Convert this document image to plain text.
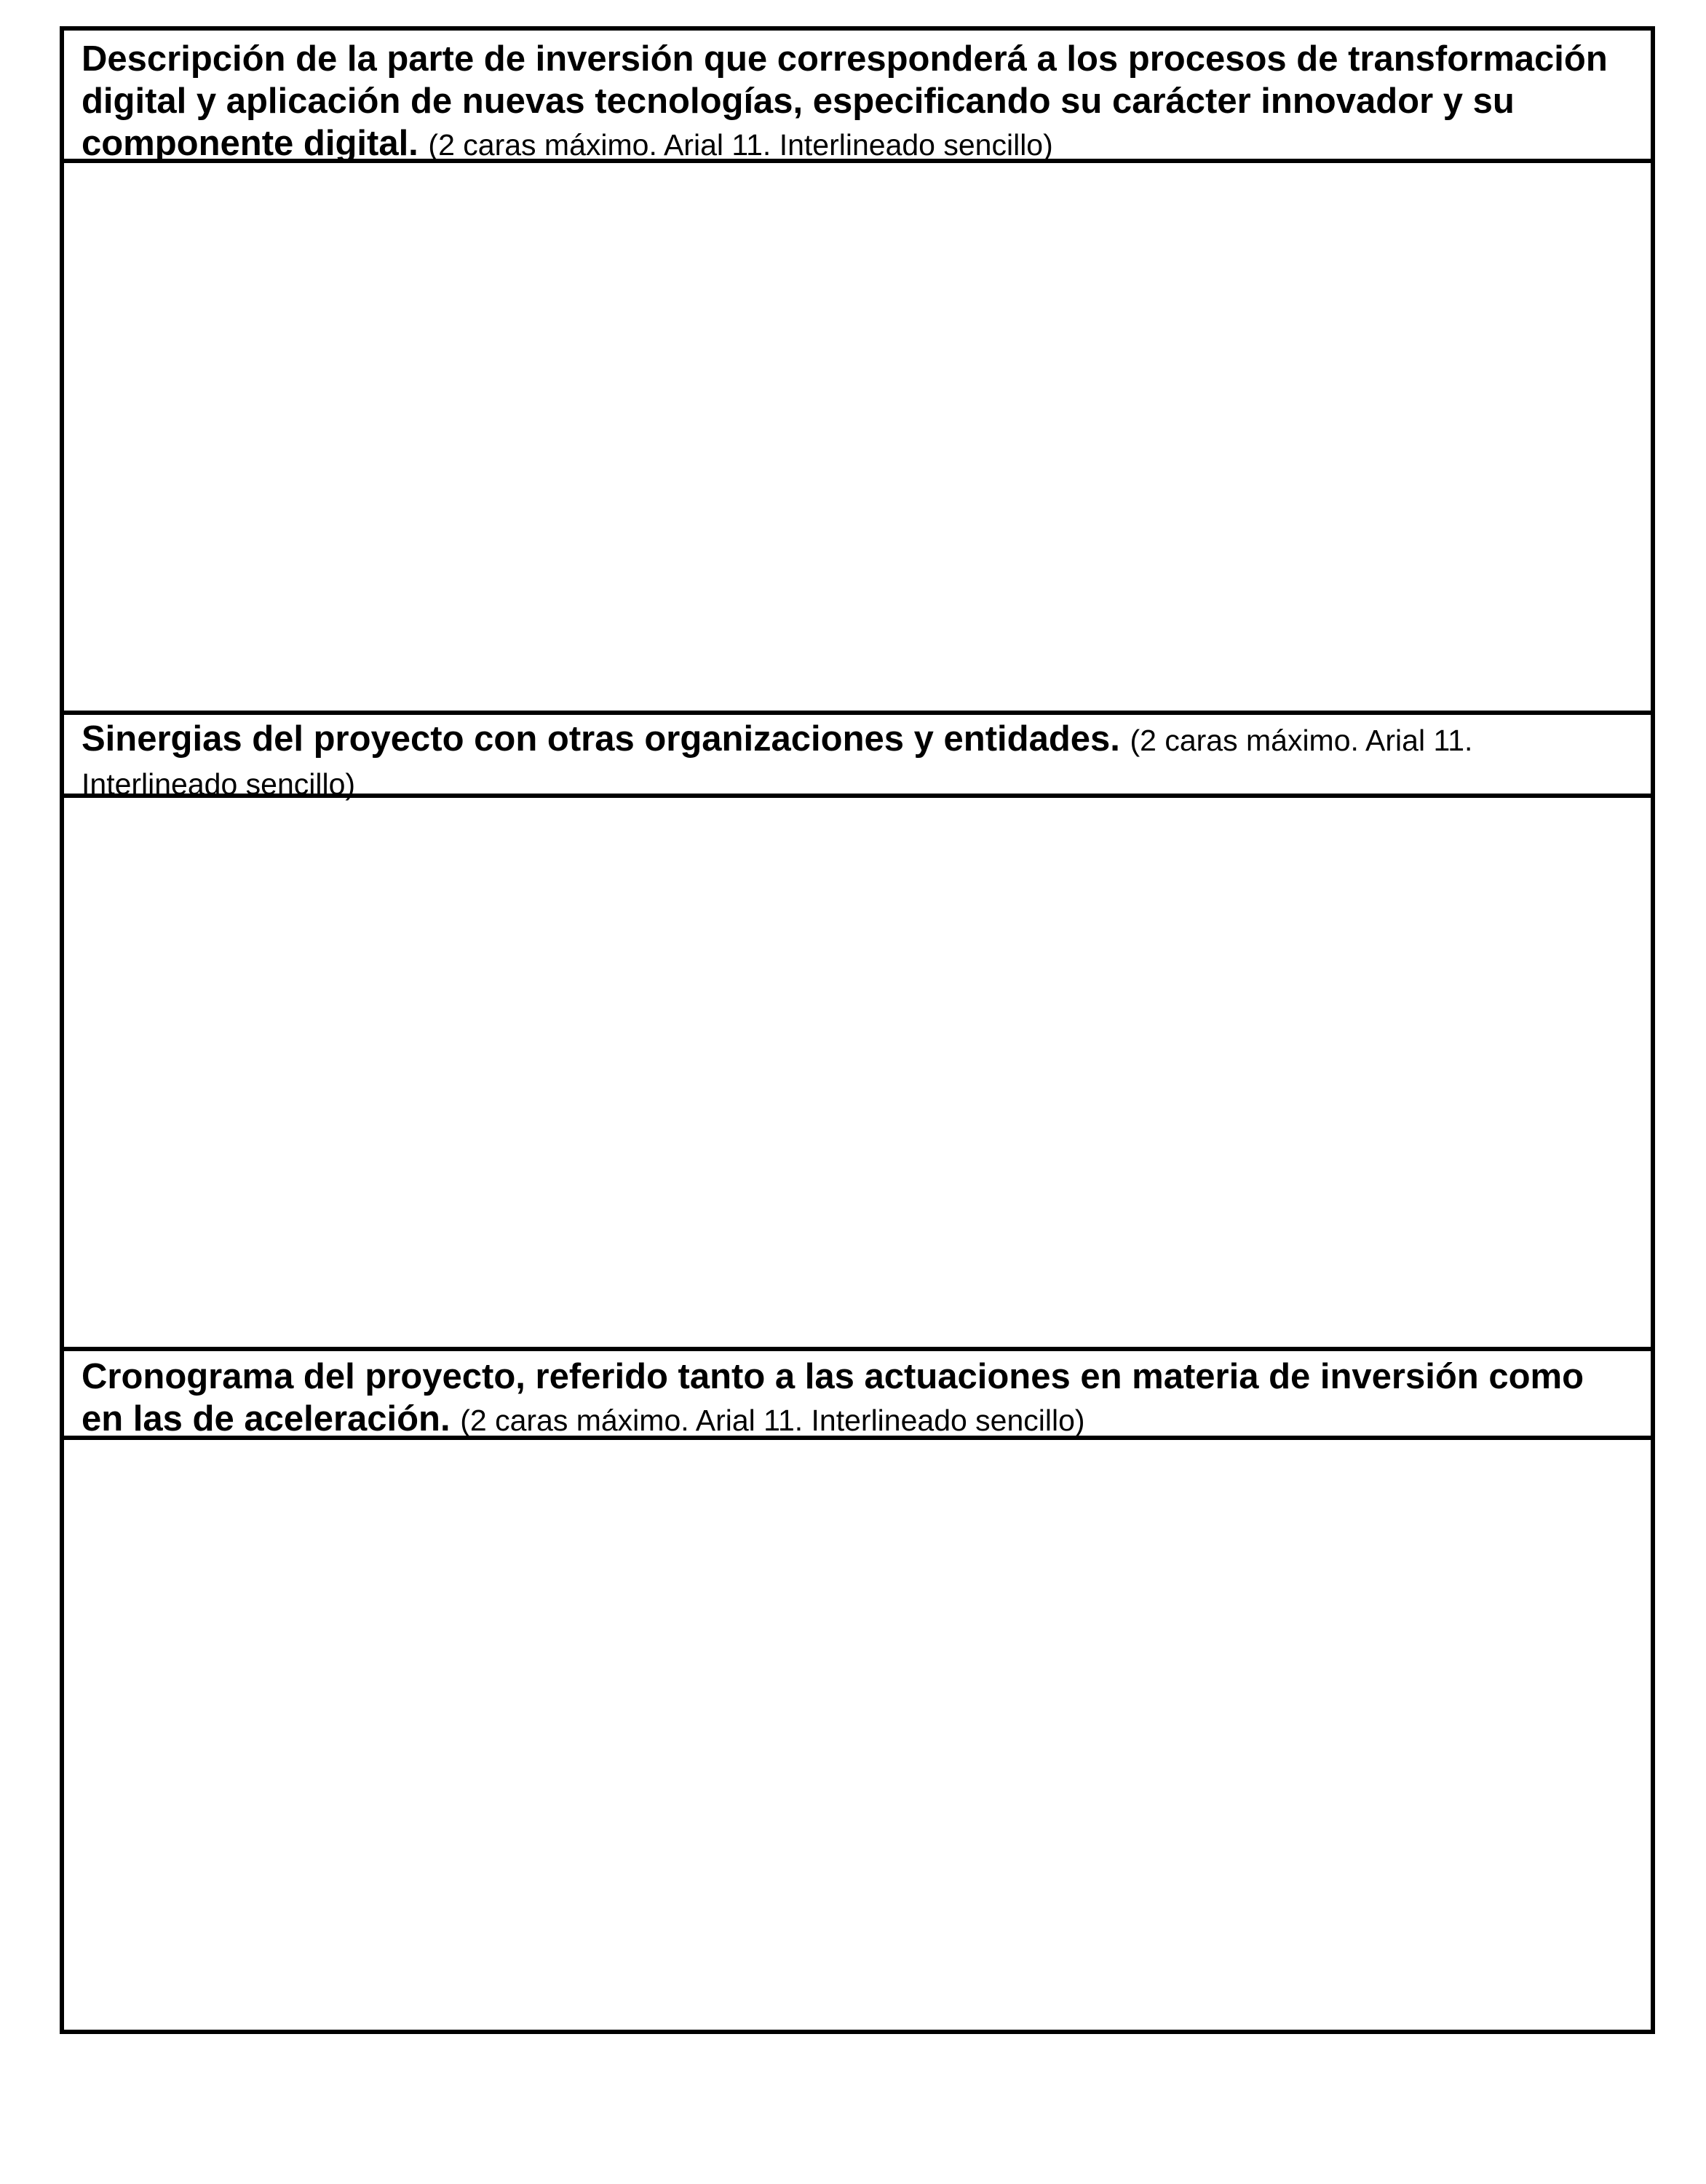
Descripción de la parte de inversión que corresponderá a los procesos de transformación digital y aplicación de nuevas tecnologías, especificando su carácter innovador y su componente digital. (2 caras máximo. Arial 11. Interlineado sencillo)
Sinergias del proyecto con otras organizaciones y entidades. (2 caras máximo. Arial 11. Interlineado sencillo)
Cronograma del proyecto, referido tanto a las actuaciones en materia de inversión como en las de aceleración. (2 caras máximo. Arial 11. Interlineado sencillo)
